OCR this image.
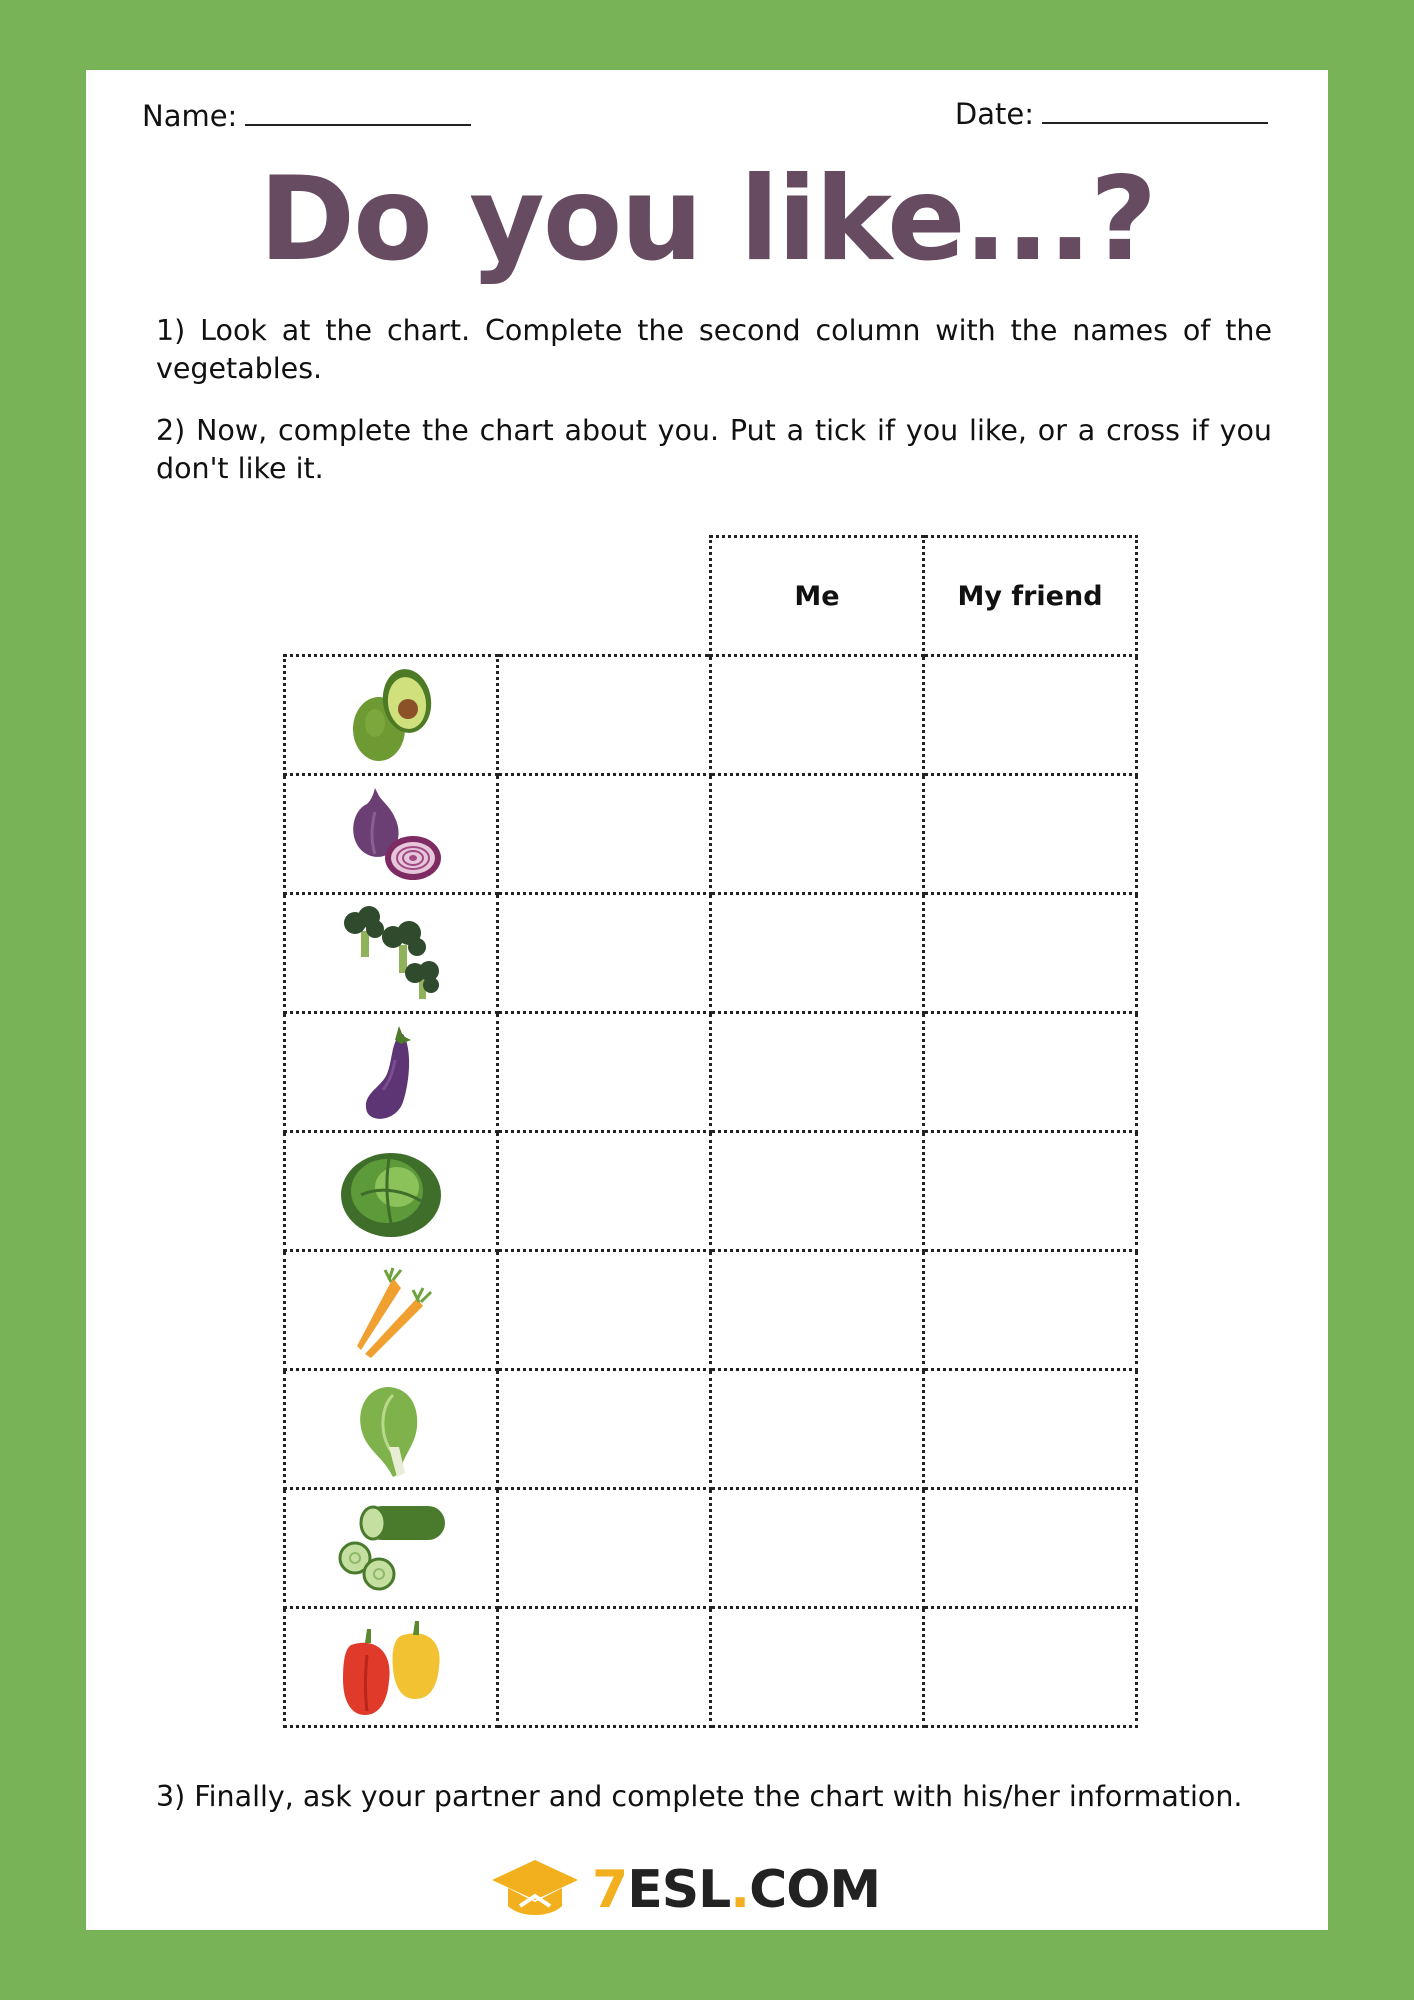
Name:	Date:
Do you like...?
1) Look at the chart. Complete the second column with the names of the vegetables.
2) Now, complete the chart about you. Put a tick if you like, or a cross if you don't like it.
		Me	My friend

3) Finally, ask your partner and complete the chart with his/her information.
7ESL.COM
